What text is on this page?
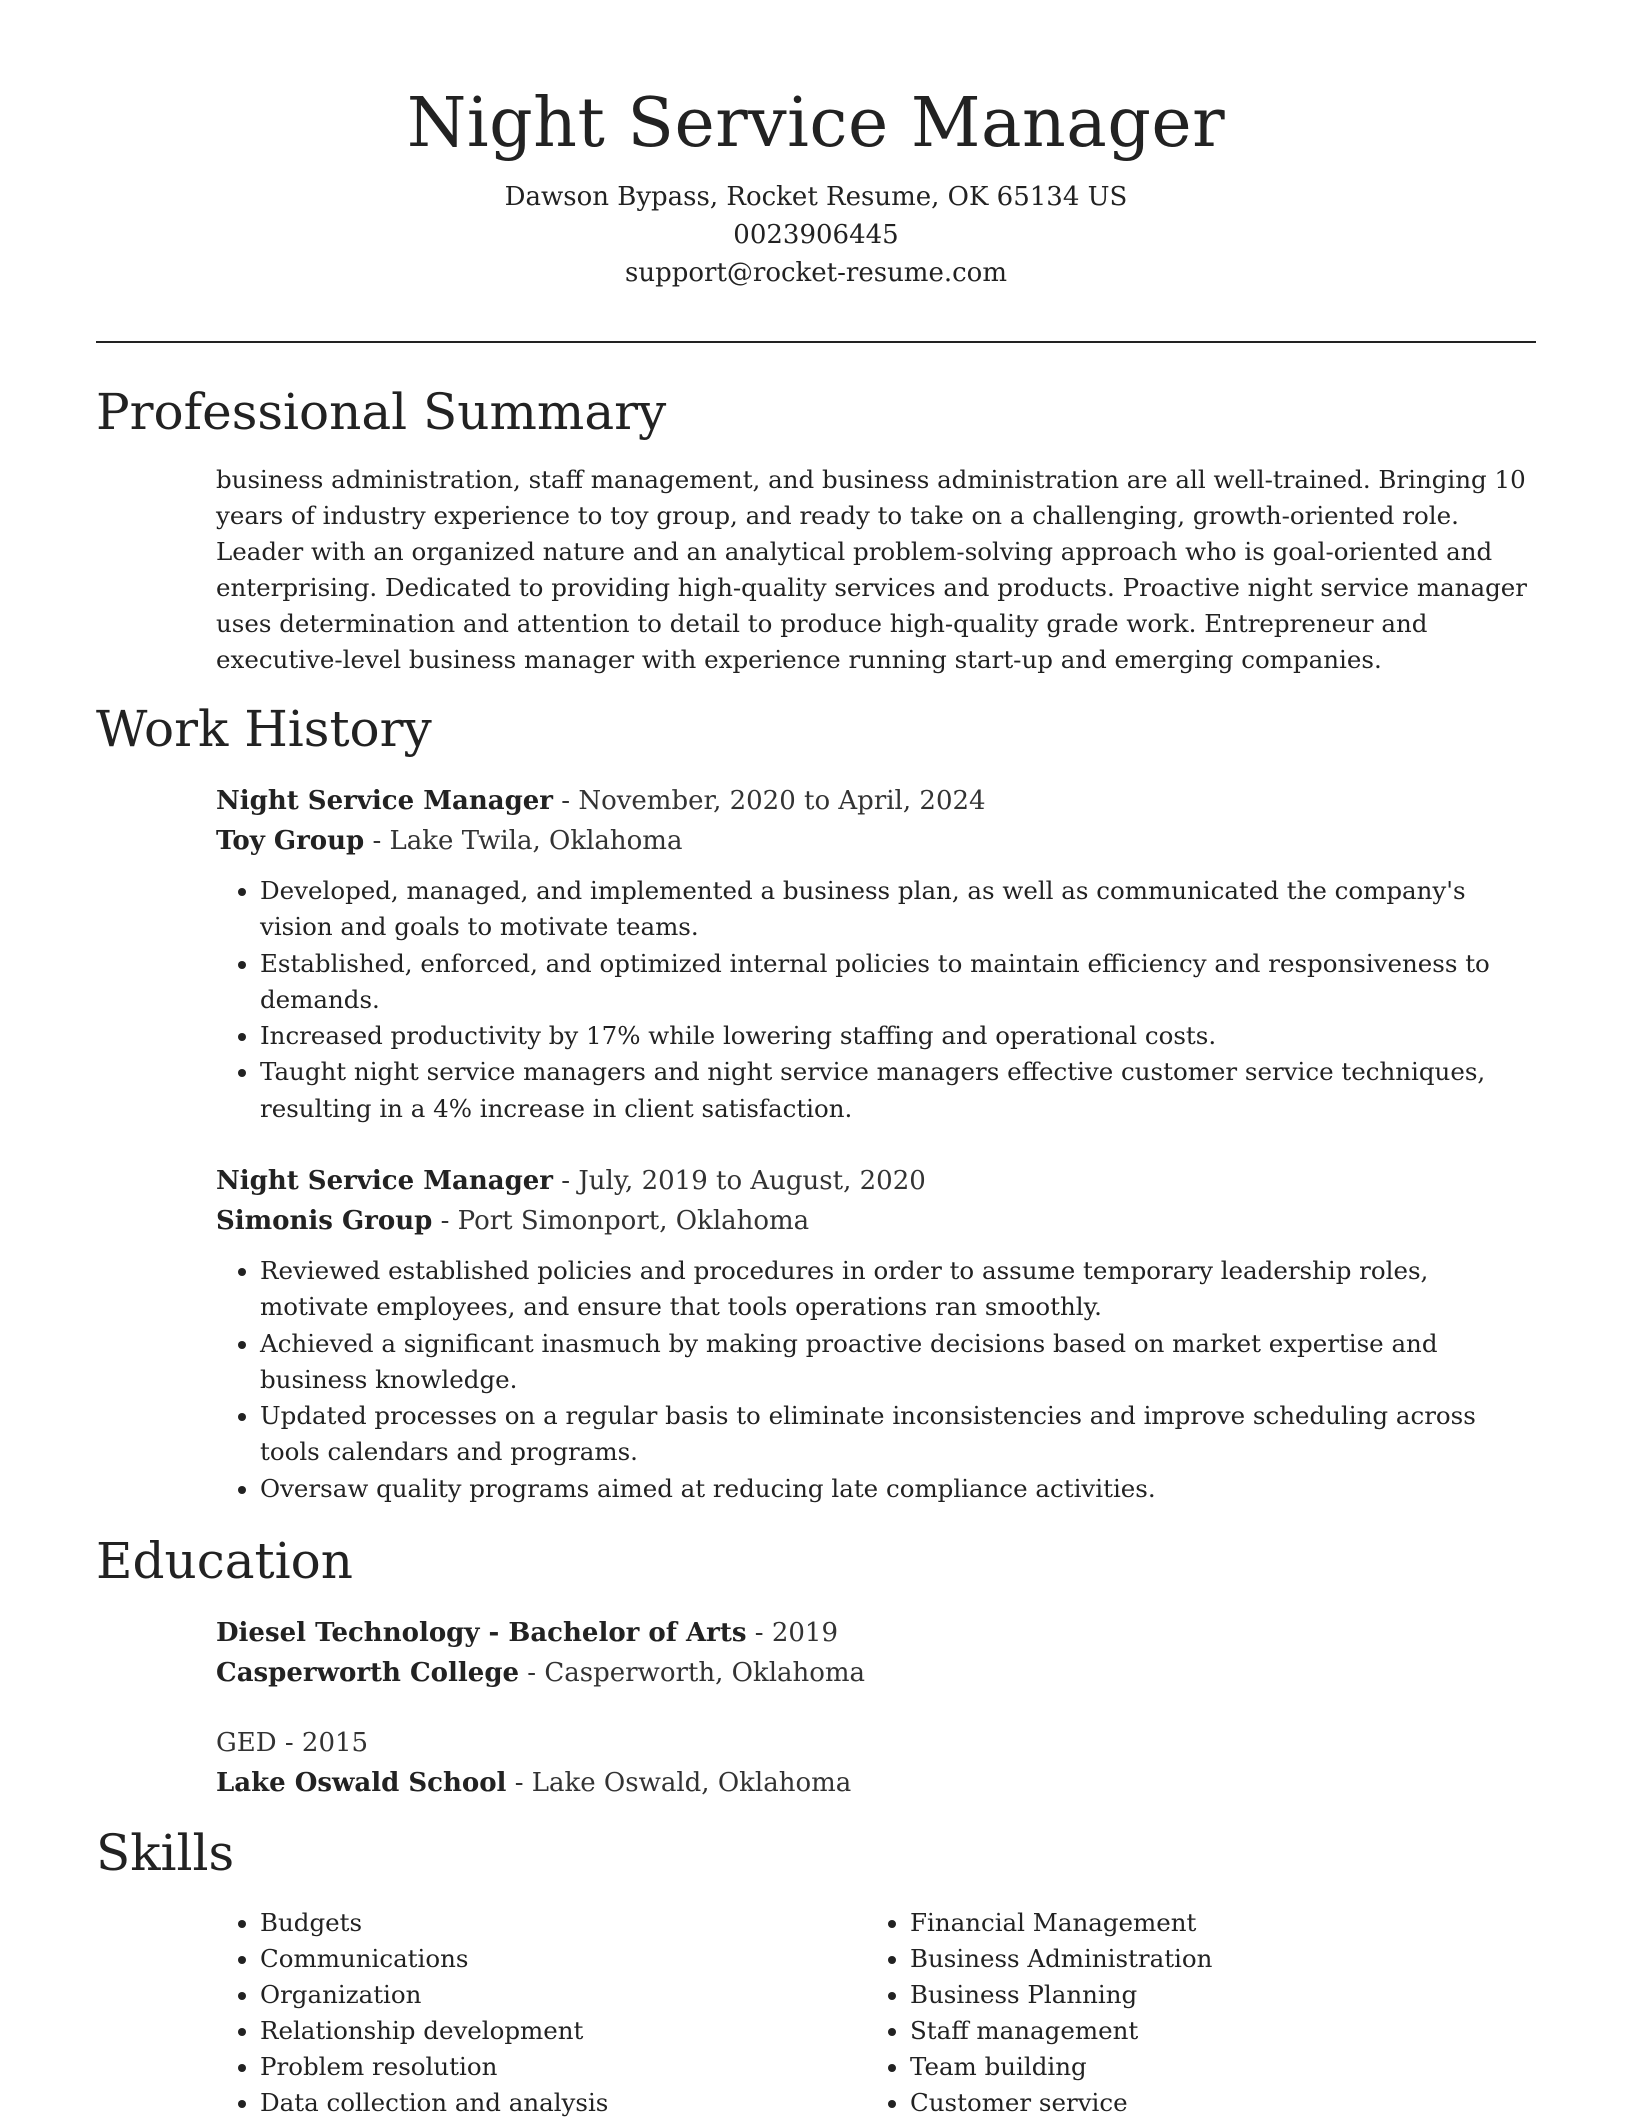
Night Service Manager
Dawson Bypass, Rocket Resume, OK 65134 US
0023906445
support@rocket-resume.com
Professional Summary
business administration, staff management, and business administration are all well-trained. Bringing 10 years of industry experience to toy group, and ready to take on a challenging, growth-oriented role. Leader with an organized nature and an analytical problem-solving approach who is goal-oriented and enterprising. Dedicated to providing high-quality services and products. Proactive night service manager uses determination and attention to detail to produce high-quality grade work. Entrepreneur and executive-level business manager with experience running start-up and emerging companies.
Work History
Night Service Manager - November, 2020 to April, 2024
Toy Group - Lake Twila, Oklahoma
• Developed, managed, and implemented a business plan, as well as communicated the company's vision and goals to motivate teams.
• Established, enforced, and optimized internal policies to maintain efficiency and responsiveness to demands.
• Increased productivity by 17% while lowering staffing and operational costs.
• Taught night service managers and night service managers effective customer service techniques, resulting in a 4% increase in client satisfaction.
Night Service Manager - July, 2019 to August, 2020
Simonis Group - Port Simonport, Oklahoma
• Reviewed established policies and procedures in order to assume temporary leadership roles, motivate employees, and ensure that tools operations ran smoothly.
• Achieved a significant inasmuch by making proactive decisions based on market expertise and business knowledge.
• Updated processes on a regular basis to eliminate inconsistencies and improve scheduling across tools calendars and programs.
• Oversaw quality programs aimed at reducing late compliance activities.
Education
Diesel Technology - Bachelor of Arts - 2019
Casperworth College - Casperworth, Oklahoma
GED - 2015
Lake Oswald School - Lake Oswald, Oklahoma
Skills
• Budgets
• Communications
• Organization
• Relationship development
• Problem resolution
• Data collection and analysis
• Financial Management
• Business Administration
• Business Planning
• Staff management
• Team building
• Customer service
